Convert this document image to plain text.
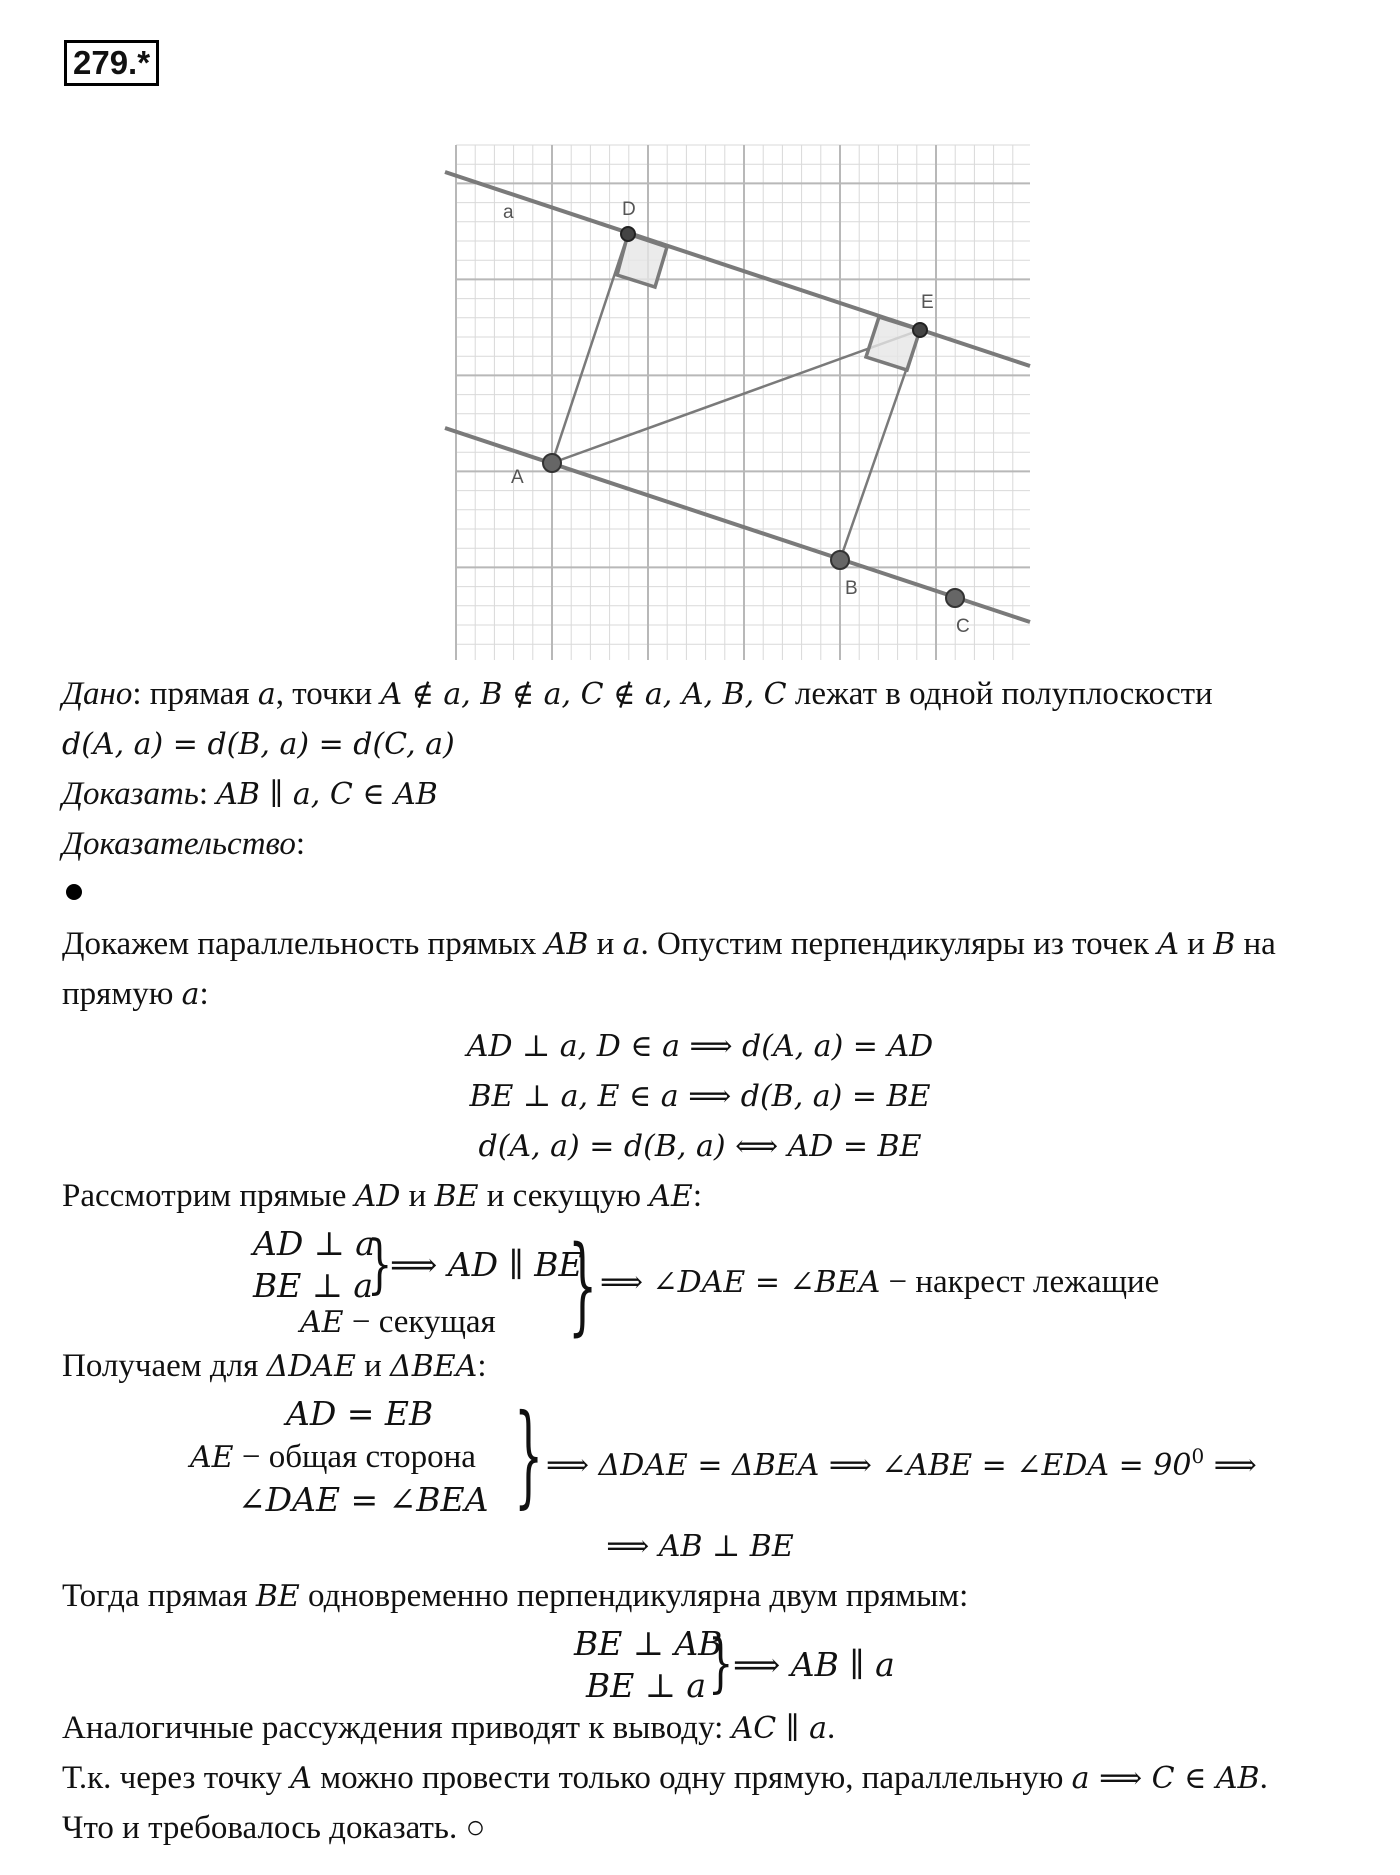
279.*
a	D
E
A
B
C
Дано: прямая a, точки A ∉ a, B ∉ a, C ∉ a, A, B, C лежат в одной полуплоскости
d(A, a) = d(B, a) = d(C, a)
Доказать: AB ∥ a, C ∈ AB
Доказательство:
Докажем параллельность прямых AB и a. Опустим перпендикуляры из точек A и B на
прямую a:
AD ⊥ a, D ∈ a ⟹ d(A, a) = AD
BE ⊥ a, E ∈ a ⟹ d(B, a) = BE
d(A, a) = d(B, a) ⟺ AD = BE
Рассмотрим прямые AD и BE и секущую AE:
AD ⊥ a
BE ⊥ a
}
⟹ AD ∥ BE
AE − секущая } ⟹ ∠DAE = ∠BEA − накрест лежащие
Получаем для ΔDAE и ΔBEA:
AD = EB
AE − общая сторона
∠DAE = ∠BEA } ⟹ ΔDAE = ΔBEA ⟹ ∠ABE = ∠EDA = $90^0$ ⟹
⟹ AB ⊥ BE
Тогда прямая BE одновременно перпендикулярна двум прямым:
BE ⊥ AB
BE ⊥ a } ⟹ AB ∥ a
Аналогичные рассуждения приводят к выводу: AC ∥ a.
Т.к. через точку A можно провести только одну прямую, параллельную a ⟹ C ∈ AB.
Что и требовалось доказать. ○
